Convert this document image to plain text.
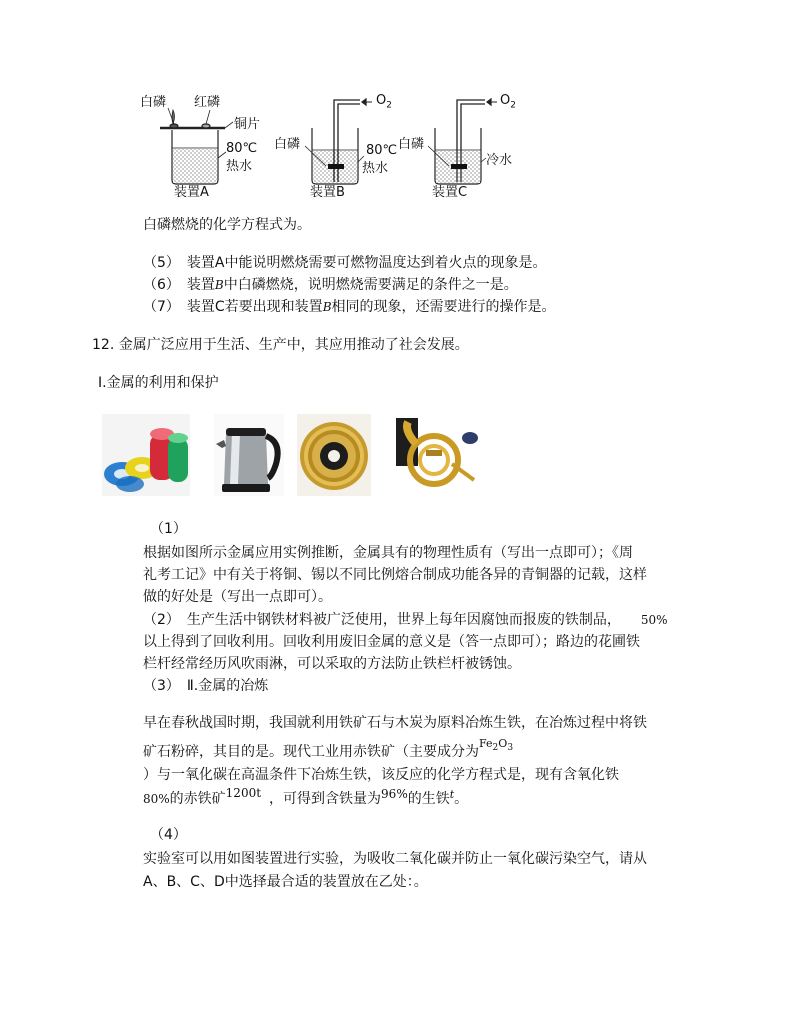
白磷 红磷
铜片
80℃
热水
装置A
$O_2$
白磷	80℃
热水
装置B
$O_2$
白磷
冷水
装置C
白磷燃烧的化学方程式为。
（5）　装置A中能说明燃烧需要可燃物温度达到着火点的现象是。
（6）　装置B中白磷燃烧，说明燃烧需要满足的条件之一是。
（7）　装置C若要出现和装置B相同的现象，还需要进行的操作是。
12. 金属广泛应用于生活、生产中，其应用推动了社会发展。
Ⅰ.金属的利用和保护
（1）
根据如图所示金属应用实例推断，金属具有的物理性质有（写出一点即可）；《周
礼考工记》中有关于将铜、锡以不同比例熔合制成功能各异的青铜器的记载，这样
做的好处是（写出一点即可）。
（2）　生产生活中钢铁材料被广泛使用，世界上每年因腐蚀而报废的铁制品， 50%
以上得到了回收利用。回收利用废旧金属的意义是（答一点即可）；路边的花圃铁
栏杆经常经历风吹雨淋，可以采取的方法防止铁栏杆被锈蚀。
（3）　Ⅱ.金属的冶炼
早在春秋战国时期，我国就利用铁矿石与木炭为原料冶炼生铁，在冶炼过程中将铁
矿石粉碎，其目的是。现代工业用赤铁矿（主要成分为$^{Fe_2O_3}$
）与一氧化碳在高温条件下冶炼生铁，该反应的化学方程式是，现有含氧化铁
80%的赤铁矿1200t ，可得到含铁量为96%的生铁$^t$。
（4）
实验室可以用如图装置进行实验，为吸收二氧化碳并防止一氧化碳污染空气，请从
A、B、C、D中选择最合适的装置放在乙处：。
